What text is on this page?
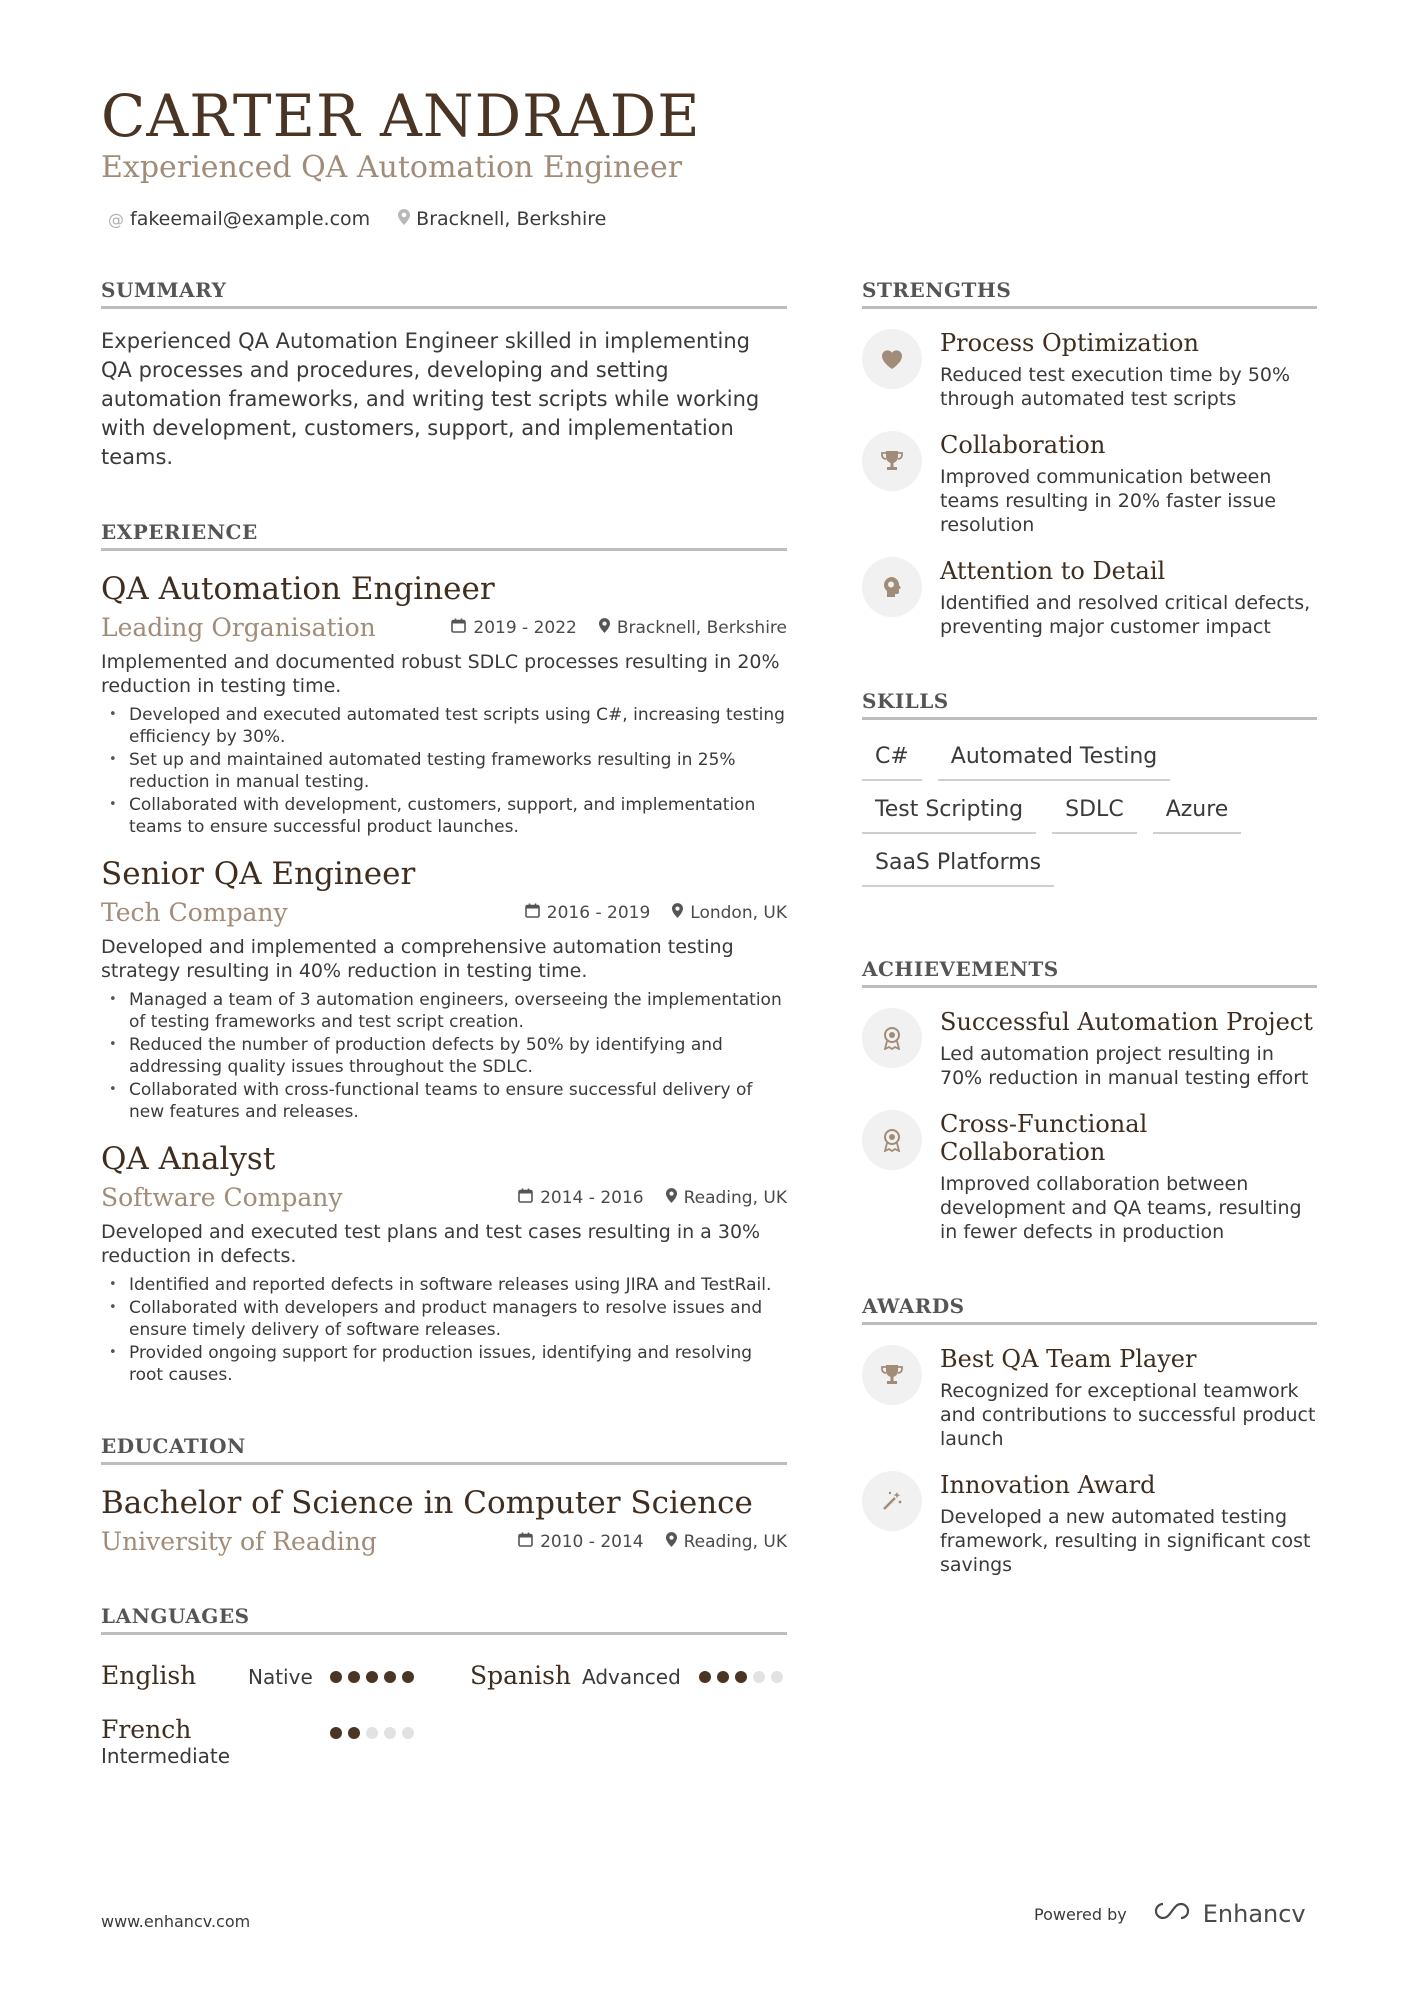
CARTER ANDRADE
Experienced QA Automation Engineer
@ fakeemail@example.com Bracknell, Berkshire
SUMMARY
Experienced QA Automation Engineer skilled in implementing QA processes and procedures, developing and setting automation frameworks, and writing test scripts while working with development, customers, support, and implementation teams.
EXPERIENCE
QA Automation Engineer
Leading Organisation	2019 - 2022 Bracknell, Berkshire
Implemented and documented robust SDLC processes resulting in 20% reduction in testing time.
• Developed and executed automated test scripts using C#, increasing testing efficiency by 30%.
• Set up and maintained automated testing frameworks resulting in 25% reduction in manual testing.
• Collaborated with development, customers, support, and implementation teams to ensure successful product launches.
Senior QA Engineer
Tech Company	2016 - 2019 London, UK
Developed and implemented a comprehensive automation testing strategy resulting in 40% reduction in testing time.
• Managed a team of 3 automation engineers, overseeing the implementation of testing frameworks and test script creation.
• Reduced the number of production defects by 50% by identifying and addressing quality issues throughout the SDLC.
• Collaborated with cross-functional teams to ensure successful delivery of new features and releases.
QA Analyst
Software Company	2014 - 2016 Reading, UK
Developed and executed test plans and test cases resulting in a 30% reduction in defects.
• Identified and reported defects in software releases using JIRA and TestRail.
• Collaborated with developers and product managers to resolve issues and ensure timely delivery of software releases.
• Provided ongoing support for production issues, identifying and resolving root causes.
EDUCATION
Bachelor of Science in Computer Science
University of Reading	2010 - 2014 Reading, UK
LANGUAGES
English	Native	Spanish Advanced
French
Intermediate
STRENGTHS
Process Optimization
Reduced test execution time by 50% through automated test scripts
Collaboration
Improved communication between teams resulting in 20% faster issue resolution
Attention to Detail
Identified and resolved critical defects, preventing major customer impact
SKILLS
C#	Automated Testing
Test Scripting	SDLC	Azure
SaaS Platforms
ACHIEVEMENTS
Successful Automation Project
Led automation project resulting in 70% reduction in manual testing effort
Cross-Functional Collaboration
Improved collaboration between development and QA teams, resulting in fewer defects in production
AWARDS
Best QA Team Player
Recognized for exceptional teamwork and contributions to successful product launch
Innovation Award
Developed a new automated testing framework, resulting in significant cost savings
www.enhancv.com	Powered by	Enhancv
